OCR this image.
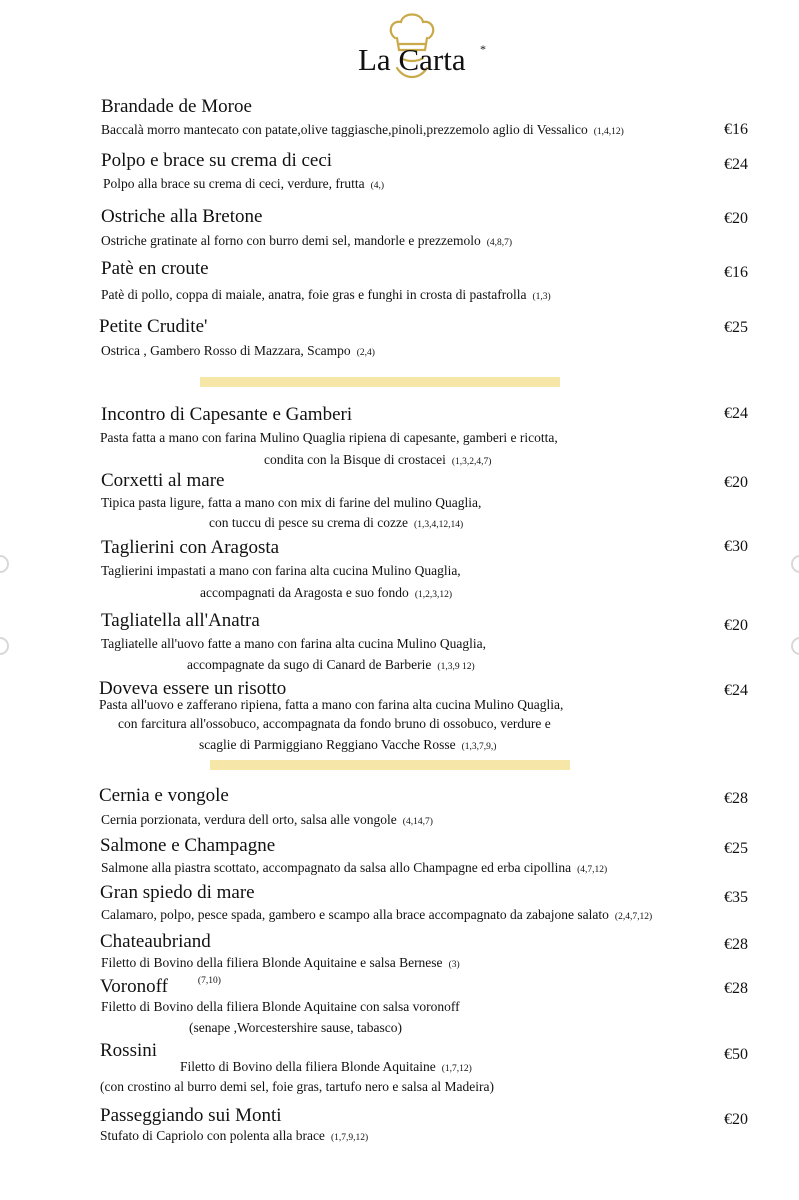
La Carta *
Brandade de Moroe
Baccalà morro mantecato con patate,olive taggiasche,pinoli,prezzemolo aglio di Vessalico (1,4,12)	€16
Polpo e brace su crema di ceci
Polpo alla brace su crema di ceci, verdure, frutta (4,)
€24
Ostriche alla Bretone
Ostriche gratinate al forno con burro demi sel, mandorle e prezzemolo (4,8,7)
€20
Patè en croute
Patè di pollo, coppa di maiale, anatra, foie gras e funghi in crosta di pastafrolla (1,3)
€16
Petite Crudite'
Ostrica , Gambero Rosso di Mazzara, Scampo (2,4)
€25
Incontro di Capesante e Gamberi
Pasta fatta a mano con farina Mulino Quaglia ripiena di capesante, gamberi e ricotta,
condita con la Bisque di crostacei (1,3,2,4,7)
€24
Corxetti al mare
Tipica pasta ligure, fatta a mano con mix di farine del mulino Quaglia,
con tuccu di pesce su crema di cozze (1,3,4,12,14)
€20
Taglierini con Aragosta
Taglierini impastati a mano con farina alta cucina Mulino Quaglia,
accompagnati da Aragosta e suo fondo (1,2,3,12)
€30
Tagliatella all'Anatra
Tagliatelle all'uovo fatte a mano con farina alta cucina Mulino Quaglia,
accompagnate da sugo di Canard de Barberie (1,3,9 12)
€20
Doveva essere un risotto
Pasta all'uovo e zafferano ripiena, fatta a mano con farina alta cucina Mulino Quaglia,
con farcitura all'ossobuco, accompagnata da fondo bruno di ossobuco, verdure e
scaglie di Parmiggiano Reggiano Vacche Rosse (1,3,7,9,)
€24
Cernia e vongole
Cernia porzionata, verdura dell orto, salsa alle vongole (4,14,7)
€28
Salmone e Champagne
Salmone alla piastra scottato, accompagnato da salsa allo Champagne ed erba cipollina (4,7,12)
€25
Gran spiedo di mare
Calamaro, polpo, pesce spada, gambero e scampo alla brace accompagnato da zabajone salato (2,4,7,12)
€35
Chateaubriand
Filetto di Bovino della filiera Blonde Aquitaine e salsa Bernese (3)
€28
Voronoff	$^{(7,10)}$
Filetto di Bovino della filiera Blonde Aquitaine con salsa voronoff
(senape ,Worcestershire sause, tabasco)
€28
Rossini
Filetto di Bovino della filiera Blonde Aquitaine (1,7,12)
(con crostino al burro demi sel, foie gras, tartufo nero e salsa al Madeira)
€50
Passeggiando sui Monti
Stufato di Capriolo con polenta alla brace (1,7,9,12)
€20
